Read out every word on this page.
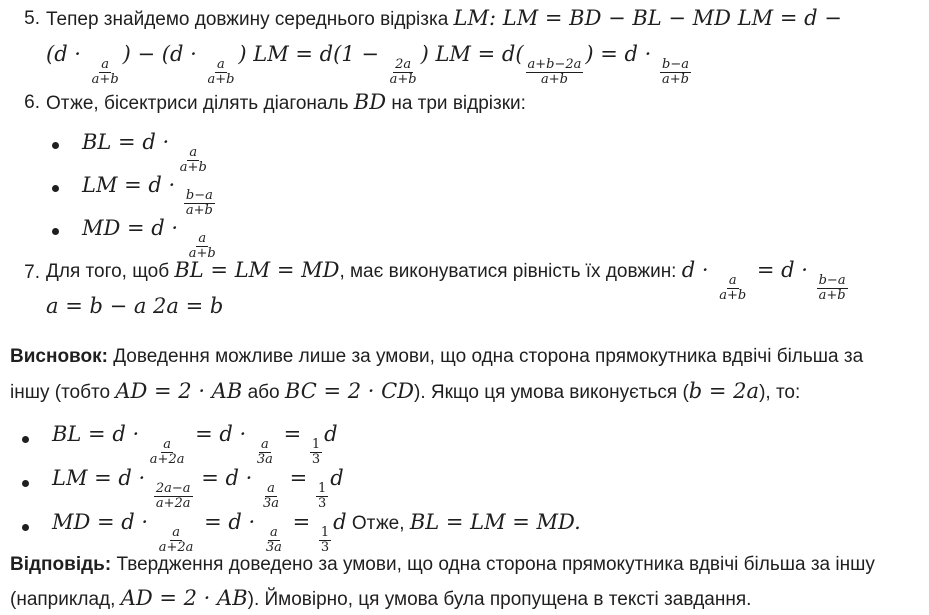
5. Тепер знайдемо довжину середнього відрізка LM: LM = BD − BL − MD LM = d −
(d ·
$\frac{a}{a+b}$
) − (d ·
$\frac{a}{a+b}$
) LM = d(1 −
$\frac{2a}{a+b}$
) LM = d(
$\frac{a+b-2a}{a+b}$
) = d ·
$\frac{b-a}{a+b}$
6. Отже, бісектриси ділять діагональ BD на три відрізки:
BL = d ·
$\frac{a}{a+b}$
LM = d ·
$\frac{b-a}{a+b}$
MD = d ·
$\frac{a}{a+b}$
7. Для того, щоб BL = LM = MD, має виконуватися рівність їх довжин: d ·
$\frac{a}{a+b}$
= d ·
$\frac{b-a}{a+b}$
a = b − a 2a = b
Висновок: Доведення можливе лише за умови, що одна сторона прямокутника вдвічі більша за
іншу (тобто AD = 2 · AB або BC = 2 · CD). Якщо ця умова виконується (b = 2a), то:
BL = d ·
$\frac{a}{a+2a}$
= d ·
$\frac{a}{3a}$
=
$\frac{1}{3}$
d
LM = d ·
$\frac{2a-a}{a+2a}$
= d ·
$\frac{a}{3a}$
=
$\frac{1}{3}$
d
MD = d ·
$\frac{a}{a+2a}$
= d ·
$\frac{a}{3a}$
=
$\frac{1}{3}$
d Отже, BL = LM = MD.
Відповідь: Твердження доведено за умови, що одна сторона прямокутника вдвічі більша за іншу
(наприклад, AD = 2 · AB). Ймовірно, ця умова була пропущена в тексті завдання.
